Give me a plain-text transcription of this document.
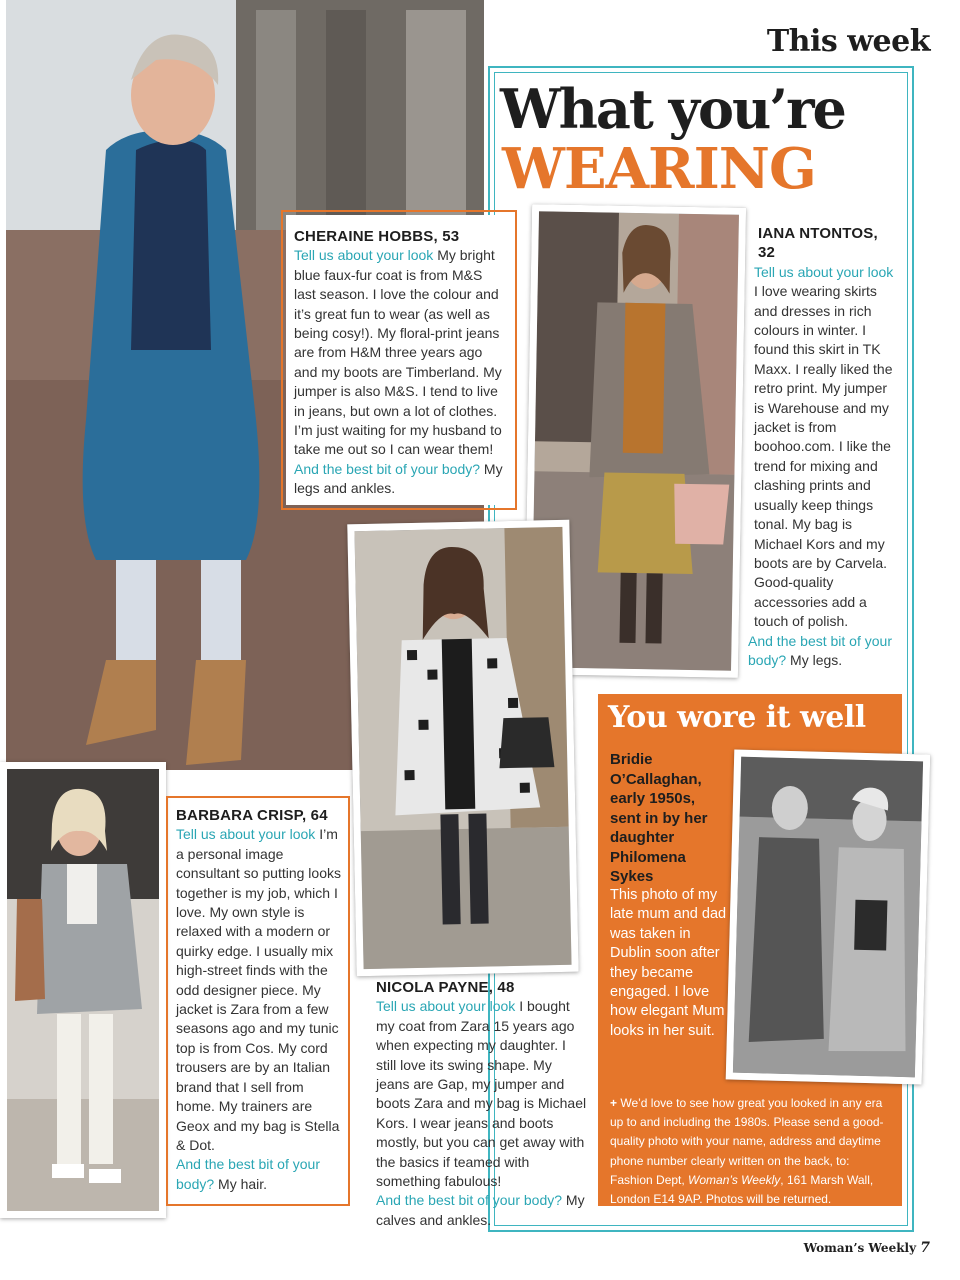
This week
What you’re
WEARING
CHERAINE HOBBS, 53
Tell us about your look My bright blue faux-fur coat is from M&S last season. I love the colour and it’s great fun to wear (as well as being cosy!). My floral-print jeans are from H&M three years ago and my boots are Timberland. My jumper is also M&S. I tend to live in jeans, but own a lot of clothes. I’m just waiting for my husband to take me out so I can wear them!
And the best bit of your body? My legs and ankles.
IANA NTONTOS, 32
Tell us about your look I love wearing skirts and dresses in rich colours in winter. I found this skirt in TK Maxx. I really liked the retro print. My jumper is Warehouse and my jacket is from boohoo.com. I like the trend for mixing and clashing prints and usually keep things tonal. My bag is Michael Kors and my boots are by Carvela. Good-quality accessories add a touch of polish.
And the best bit of your body? My legs.
NICOLA PAYNE, 48
Tell us about your look I bought my coat from Zara 15 years ago when expecting my daughter. I still love its swing shape. My jeans are Gap, my jumper and boots Zara and my bag is Michael Kors. I wear jeans and boots mostly, but you can get away with the basics if teamed with something fabulous!
And the best bit of your body? My calves and ankles.
BARBARA CRISP, 64
Tell us about your look I’m a personal image consultant so putting looks together is my job, which I love. My own style is relaxed with a modern or quirky edge. I usually mix high-street finds with the odd designer piece. My jacket is Zara from a few seasons ago and my tunic top is from Cos. My cord trousers are by an Italian brand that I sell from home. My trainers are Geox and my bag is Stella & Dot.
And the best bit of your body? My hair.
You wore it well
Bridie O’Callaghan, early 1950s, sent in by her daughter Philomena Sykes
This photo of my late mum and dad was taken in Dublin soon after they became engaged. I love how elegant Mum looks in her suit.
+ We’d love to see how great you looked in any era up to and including the 1980s. Please send a good-quality photo with your name, address and daytime phone number clearly written on the back, to: Fashion Dept, Woman’s Weekly, 161 Marsh Wall, London E14 9AP. Photos will be returned.
Woman’s Weekly 7
